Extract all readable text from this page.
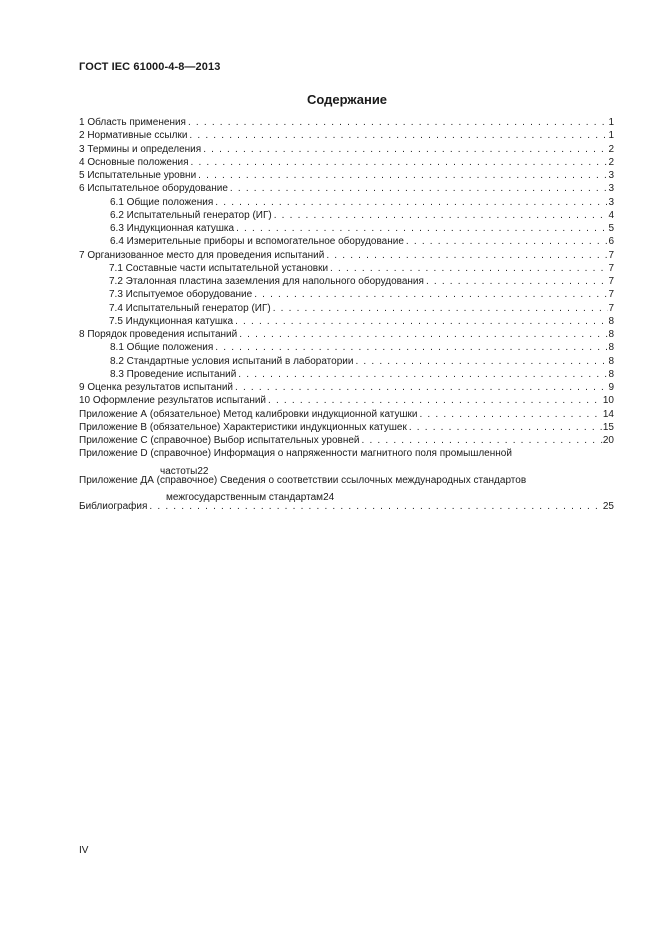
ГОСТ IEC 61000-4-8—2013
Содержание
1 Область применения . . .	1
2 Нормативные ссылки . . .	1
3 Термины и определения . . .	2
4 Основные положения . . .	2
5 Испытательные уровни . . .	3
6 Испытательное оборудование . . .	3
6.1 Общие положения . . .	3
6.2 Испытательный генератор (ИГ) . . .	4
6.3 Индукционная катушка . . .	5
6.4 Измерительные приборы и вспомогательное оборудование . . .	6
7 Организованное место для проведения испытаний . . .	7
7.1 Составные части испытательной установки . . .	7
7.2 Эталонная пластина заземления для напольного оборудования . . .	7
7.3 Испытуемое оборудование . . .	7
7.4 Испытательный генератор (ИГ) . . .	7
7.5 Индукционная катушка . . .	8
8 Порядок проведения испытаний . . .	8
8.1 Общие положения . . .	8
8.2 Стандартные условия испытаний в лаборатории . . .	8
8.3 Проведение испытаний . . .	8
9 Оценка результатов испытаний . . .	9
10 Оформление результатов испытаний . . .	10
Приложение А (обязательное) Метод калибровки индукционной катушки . . .	14
Приложение В (обязательное) Характеристики индукционных катушек . . .	15
Приложение С (справочное) Выбор испытательных уровней . . .	20
Приложение D (справочное) Информация о напряженности магнитного поля промышленной
частоты 22
Приложение ДА (справочное) Сведения о соответствии ссылочных международных стандартов
межгосударственным стандартам 24
Библиография . . .	25
IV
